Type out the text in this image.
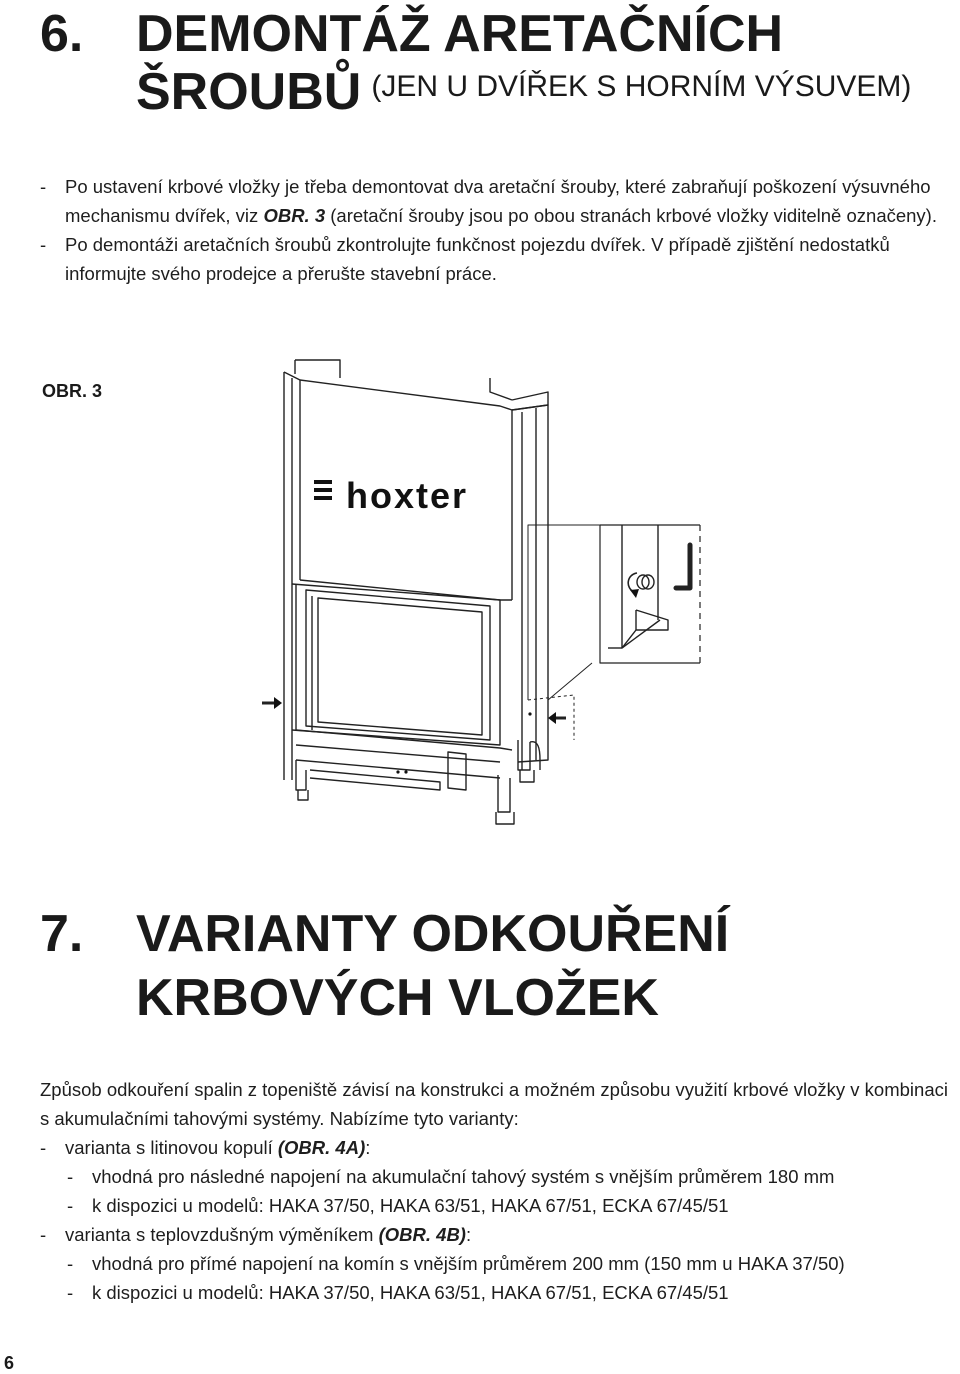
6. DEMONTÁŽ ARETAČNÍCH
ŠROUBŮ $^{(JEN U DVÍŘEK S HORNÍM VÝSUVEM)}$
- Po ustavení krbové vložky je třeba demontovat dva aretační šrouby, které zabraňují poškození výsuvného mechanismu dvířek, viz OBR. 3 (aretační šrouby jsou po obou stranách krbové vložky viditelně označeny).
- Po demontáži aretačních šroubů zkontrolujte funkčnost pojezdu dvířek. V případě zjištění nedostatků informujte svého prodejce a přerušte stavební práce.
OBR. 3
hoxter
7. VARIANTY ODKOUŘENÍ
KRBOVÝCH VLOŽEK
Způsob odkouření spalin z topeniště závisí na konstrukci a možném způsobu využití krbové vložky v kombinaci s akumulačními tahovými systémy. Nabízíme tyto varianty:
- varianta s litinovou kopulí (OBR. 4A):
- vhodná pro následné napojení na akumulační tahový systém s vnějším průměrem 180 mm
- k dispozici u modelů: HAKA 37/50, HAKA 63/51, HAKA 67/51, ECKA 67/45/51
- varianta s teplovzdušným výměníkem (OBR. 4B):
- vhodná pro přímé napojení na komín s vnějším průměrem 200 mm (150 mm u HAKA 37/50)
- k dispozici u modelů: HAKA 37/50, HAKA 63/51, HAKA 67/51, ECKA 67/45/51
6
